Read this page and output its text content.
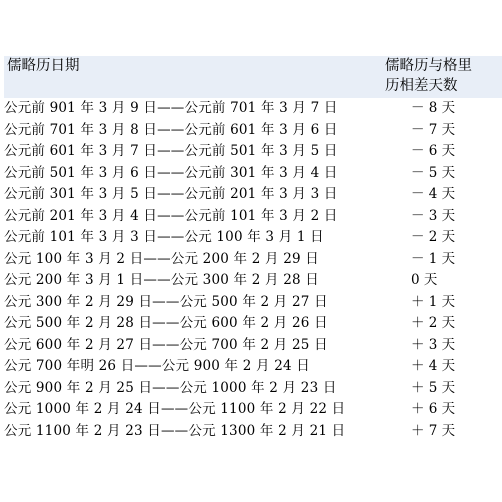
儒略历日期	儒略历与格里
历相差天数

公元前 901 年 3 月 9 日——公元前 701 年 3 月 7 日	－ 8 天
公元前 701 年 3 月 8 日——公元前 601 年 3 月 6 日	－ 7 天
公元前 601 年 3 月 7 日——公元前 501 年 3 月 5 日	－ 6 天
公元前 501 年 3 月 6 日——公元前 301 年 3 月 4 日	－ 5 天
公元前 301 年 3 月 5 日——公元前 201 年 3 月 3 日	－ 4 天
公元前 201 年 3 月 4 日——公元前 101 年 3 月 2 日	－ 3 天
公元前 101 年 3 月 3 日——公元 100 年 3 月 1 日	－ 2 天
公元 100 年 3 月 2 日——公元 200 年 2 月 29 日	－ 1 天
公元 200 年 3 月 1 日——公元 300 年 2 月 28 日	0 天
公元 300 年 2 月 29 日——公元 500 年 2 月 27 日	＋ 1 天
公元 500 年 2 月 28 日——公元 600 年 2 月 26 日	＋ 2 天
公元 600 年 2 月 27 日——公元 700 年 2 月 25 日	＋ 3 天
公元 700 年明 26 日——公元 900 年 2 月 24 日	＋ 4 天
公元 900 年 2 月 25 日——公元 1000 年 2 月 23 日	＋ 5 天
公元 1000 年 2 月 24 日——公元 1100 年 2 月 22 日	＋ 6 天
公元 1100 年 2 月 23 日——公元 1300 年 2 月 21 日	＋ 7 天
